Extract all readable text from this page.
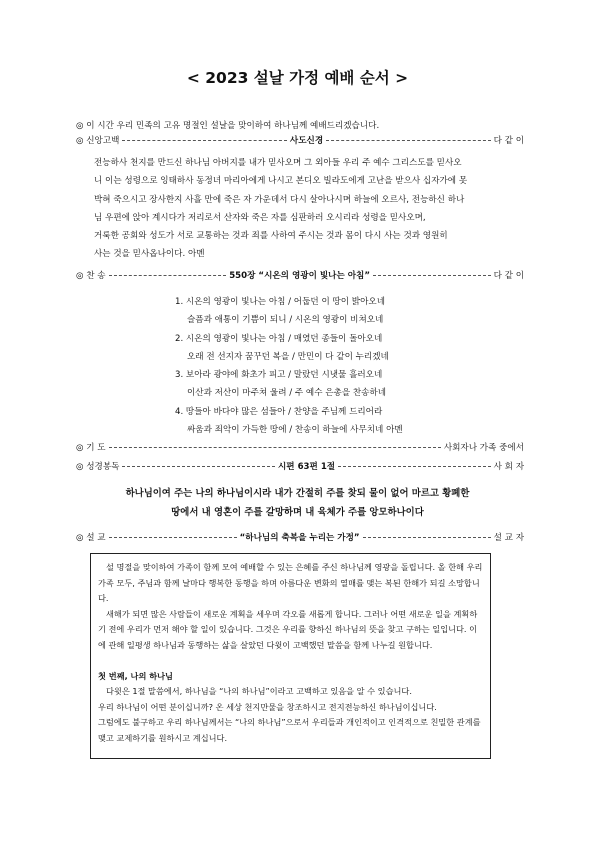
< 2023 설날 가정 예배 순서 >
◎ 이 시간 우리 민족의 고유 명절인 설날을 맞이하여 하나님께 예배드리겠습니다.
◎ 신앙고백	사도신경	다 같 이
전능하사 천지를 만드신 하나님 아버지를 내가 믿사오며 그 외아들 우리 주 예수 그리스도를 믿사오
니 이는 성령으로 잉태하사 동정녀 마리아에게 나시고 본디오 빌라도에게 고난을 받으사 십자가에 못
박혀 죽으시고 장사한지 사흘 만에 죽은 자 가운데서 다시 살아나시며 하늘에 오르사, 전능하신 하나
님 우편에 앉아 계시다가 저리로서 산자와 죽은 자를 심판하러 오시리라 성령을 믿사오며,
거룩한 공회와 성도가 서로 교통하는 것과 죄를 사하여 주시는 것과 몸이 다시 사는 것과 영원히
사는 것을 믿사옵나이다. 아멘
◎ 찬 송	550장 “시온의 영광이 빛나는 아침”	다 같 이
1. 시온의 영광이 빛나는 아침 / 어둡던 이 땅이 밝아오네
슬픔과 애통이 기쁨이 되니 / 시온의 영광이 비쳐오네
2. 시온의 영광이 빛나는 아침 / 매였던 종들이 돌아오네
오래 전 선지자 꿈꾸던 복을 / 만민이 다 같이 누리겠네
3. 보아라 광야에 화초가 피고 / 말랐던 시냇물 흘러오네
이산과 저산이 마주쳐 울려 / 주 예수 은총을 찬송하네
4. 땅들아 바다야 많은 섬들아 / 찬양을 주님께 드리어라
싸움과 죄악이 가득한 땅에 / 찬송이 하늘에 사무치네 아멘
◎ 기 도	사회자나 가족 중에서
◎ 성경봉독	시편 63편 1절	사 회 자
하나님이여 주는 나의 하나님이시라 내가 간절히 주를 찾되 물이 없어 마르고 황폐한
땅에서 내 영혼이 주를 갈망하며 내 육체가 주를 앙모하나이다
◎ 설 교	“하나님의 축복을 누리는 가정”	설 교 자

설 명절을 맞이하여 가족이 함께 모여 예배할 수 있는 은혜를 주신 하나님께 영광을 돌립니다. 올 한해 우리 가족 모두, 주님과 함께 날마다 행복한 동행을 하며 아름다운 변화의 열매를 맺는 복된 한해가 되길 소망합니다.

새해가 되면 많은 사람들이 새로운 계획을 세우며 각오를 새롭게 합니다. 그러나 어떤 새로운 일을 계획하기 전에 우리가 먼저 해야 할 일이 있습니다. 그것은 우리를 향하신 하나님의 뜻을 찾고 구하는 일입니다. 이에 관해 일평생 하나님과 동행하는 삶을 살았던 다윗이 고백했던 말씀을 함께 나누길 원합니다.

첫 번째, 나의 하나님

다윗은 1절 말씀에서, 하나님을 “나의 하나님”이라고 고백하고 있음을 알 수 있습니다.

우리 하나님이 어떤 분이십니까? 온 세상 천지만물을 창조하시고 전지전능하신 하나님이십니다.

그럼에도 불구하고 우리 하나님께서는 “나의 하나님”으로서 우리들과 개인적이고 인격적으로 친밀한 관계를 맺고 교제하기를 원하시고 계십니다.
